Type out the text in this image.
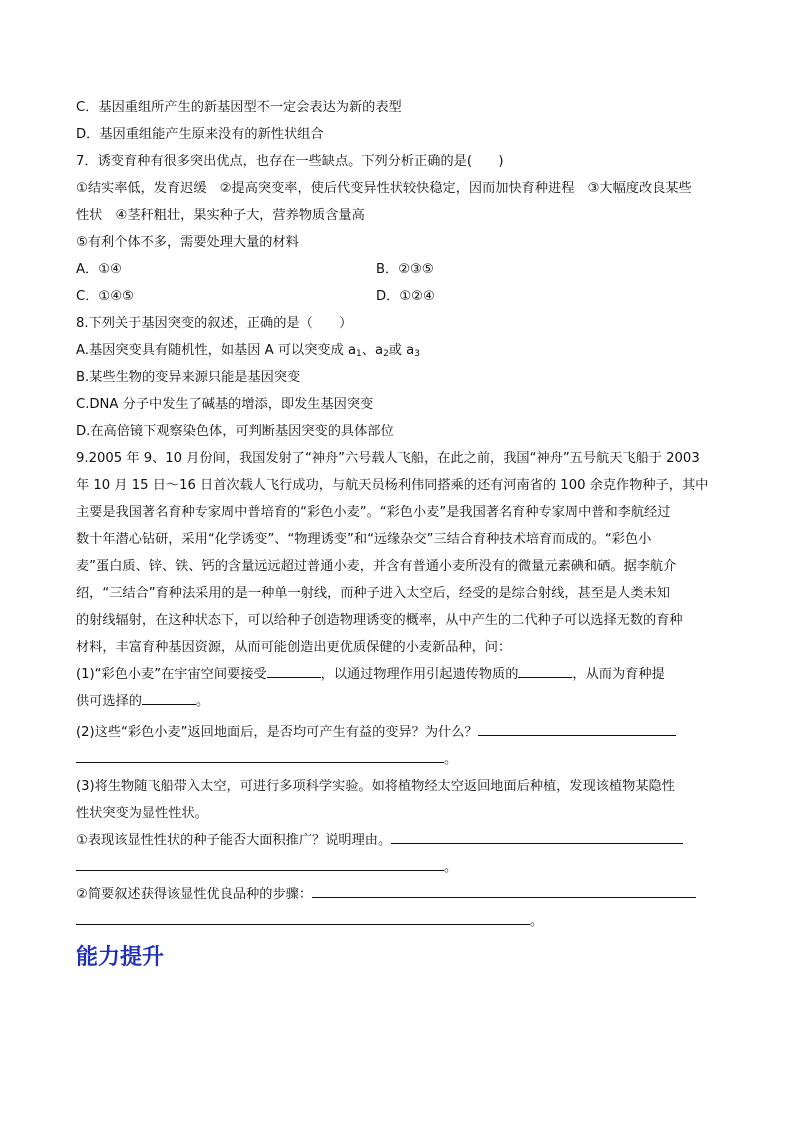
C．基因重组所产生的新基因型不一定会表达为新的表型
D．基因重组能产生原来没有的新性状组合
7．诱变育种有很多突出优点，也存在一些缺点。下列分析正确的是(　　)
①结实率低，发育迟缓　②提高突变率，使后代变异性状较快稳定，因而加快育种进程　③大幅度改良某些
性状　④茎秆粗壮，果实种子大，营养物质含量高
⑤有利个体不多，需要处理大量的材料
A．①④	B．②③⑤
C．①④⑤	D．①②④
8.下列关于基因突变的叙述，正确的是（　　）
A.基因突变具有随机性，如基因 A 可以突变成 $a_1$、$a_2$或 $a_3$
B.某些生物的变异来源只能是基因突变
C.DNA 分子中发生了碱基的增添，即发生基因突变
D.在高倍镜下观察染色体，可判断基因突变的具体部位
9.2005 年 9、10 月份间，我国发射了“神舟”六号载人飞船，在此之前，我国“神舟”五号航天飞船于 2003
年 10 月 15 日～16 日首次载人飞行成功，与航天员杨利伟同搭乘的还有河南省的 100 余克作物种子，其中
主要是我国著名育种专家周中普培育的“彩色小麦”。“彩色小麦”是我国著名育种专家周中普和李航经过
数十年潜心钻研，采用“化学诱变”、“物理诱变”和“远缘杂交”三结合育种技术培育而成的。“彩色小
麦”蛋白质、锌、铁、钙的含量远远超过普通小麦，并含有普通小麦所没有的微量元素碘和硒。据李航介
绍，“三结合”育种法采用的是一种单一射线，而种子进入太空后，经受的是综合射线，甚至是人类未知
的射线辐射，在这种状态下，可以给种子创造物理诱变的概率，从中产生的二代种子可以选择无数的育种
材料，丰富育种基因资源，从而可能创造出更优质保健的小麦新品种，问：
(1)“彩色小麦”在宇宙空间要接受	，以通过物理作用引起遗传物质的	，从而为育种提
供可选择的	。
(2)这些“彩色小麦”返回地面后，是否均可产生有益的变异？为什么？
。
(3)将生物随飞船带入太空，可进行多项科学实验。如将植物经太空返回地面后种植，发现该植物某隐性
性状突变为显性性状。
①表现该显性性状的种子能否大面积推广？说明理由。
。
②简要叙述获得该显性优良品种的步骤：
。
能力提升
